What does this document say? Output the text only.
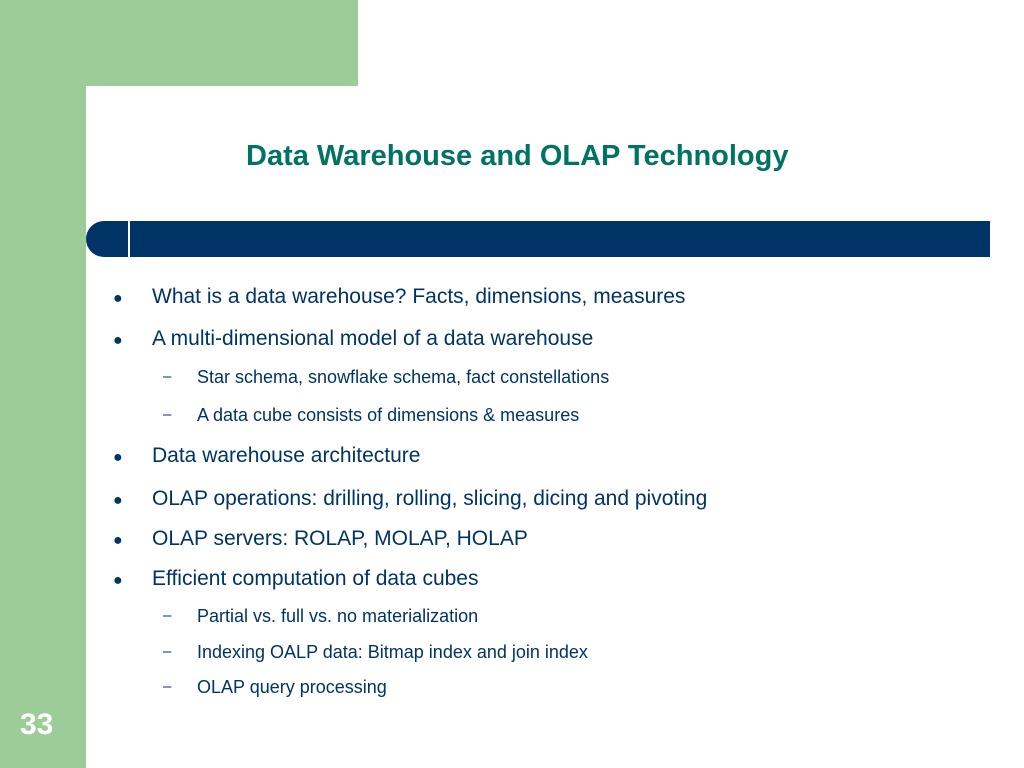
Data Warehouse and OLAP Technology
● What is a data warehouse? Facts, dimensions, measures
● A multi-dimensional model of a data warehouse
– Star schema, snowflake schema, fact constellations
– A data cube consists of dimensions & measures
● Data warehouse architecture
● OLAP operations: drilling, rolling, slicing, dicing and pivoting
● OLAP servers: ROLAP, MOLAP, HOLAP
● Efficient computation of data cubes
– Partial vs. full vs. no materialization
– Indexing OALP data: Bitmap index and join index
– OLAP query processing
33
